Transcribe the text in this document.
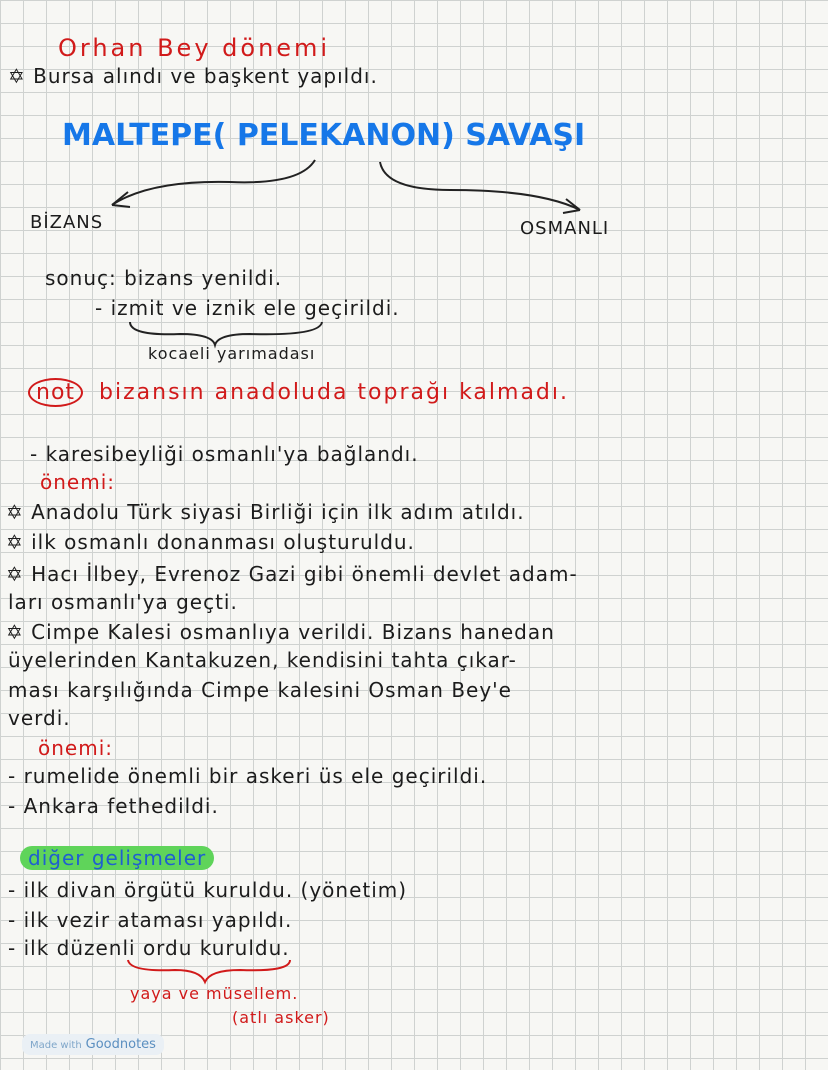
Orhan Bey dönemi
✡ Bursa alındı ve başkent yapıldı.
MALTEPE( PELEKANON) SAVAŞI
BİZANS	OSMANLI
sonuç: bizans yenildi.
- izmit ve iznik ele geçirildi.
kocaeli yarımadası
not bizansın anadoluda toprağı kalmadı.
- karesibeyliği osmanlı'ya bağlandı.
önemi:
✡ Anadolu Türk siyasi Birliği için ilk adım atıldı.
✡ ilk osmanlı donanması oluşturuldu.
✡ Hacı İlbey, Evrenoz Gazi gibi önemli devlet adam-
ları osmanlı'ya geçti.
✡ Cimpe Kalesi osmanlıya verildi. Bizans hanedan
üyelerinden Kantakuzen, kendisini tahta çıkar-
ması karşılığında Cimpe kalesini Osman Bey'e
verdi.
önemi:
- rumelide önemli bir askeri üs ele geçirildi.
- Ankara fethedildi.
diğer gelişmeler
- ilk divan örgütü kuruldu. (yönetim)
- ilk vezir ataması yapıldı.
- ilk düzenli ordu kuruldu.
yaya ve müsellem.
(atlı asker)
Made with Goodnotes
